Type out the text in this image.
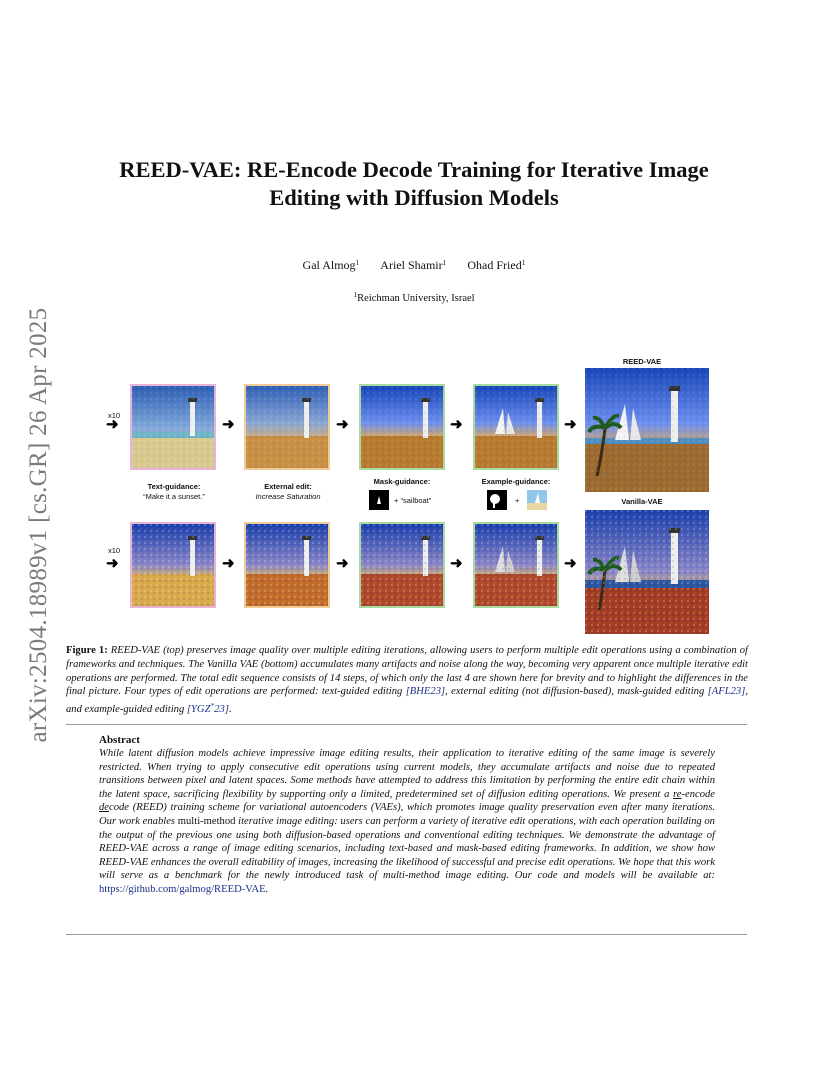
arXiv:2504.18989v1 [cs.GR] 26 Apr 2025
REED-VAE: RE-Encode Decode Training for Iterative Image
Editing with Diffusion Models
Gal Almog$^1$ Ariel Shamir$^1$ Ohad Fried$^1$
$^1$Reichman University, Israel
REED-VAE
Vanilla-VAE
x10
➜	➜	➜	➜	➜
Text-guidance:
“Make it a sunset.”
External edit:
Increase Saturation
Mask-guidance:
+ “sailboat”
Example-guidance:
+
x10
➜	➜	➜	➜	➜
Figure 1: REED-VAE (top) preserves image quality over multiple editing iterations, allowing users to perform multiple edit operations using a combination of frameworks and techniques. The Vanilla VAE (bottom) accumulates many artifacts and noise along the way, becoming very apparent once multiple iterative edit operations are performed. The total edit sequence consists of 14 steps, of which only the last 4 are shown here for brevity and to highlight the differences in the final picture. Four types of edit operations are performed: text-guided editing [BHE23], external editing (not diffusion-based), mask-guided editing [AFL23], and example-guided editing [YGZ*23].
Abstract
While latent diffusion models achieve impressive image editing results, their application to iterative editing of the same image is severely restricted. When trying to apply consecutive edit operations using current models, they accumulate artifacts and noise due to repeated transitions between pixel and latent spaces. Some methods have attempted to address this limitation by performing the entire edit chain within the latent space, sacrificing flexibility by supporting only a limited, predetermined set of diffusion editing operations. We present a re-encode decode (REED) training scheme for variational autoencoders (VAEs), which promotes image quality preservation even after many iterations. Our work enables multi-method iterative image editing: users can perform a variety of iterative edit operations, with each operation building on the output of the previous one using both diffusion-based operations and conventional editing techniques. We demonstrate the advantage of REED-VAE across a range of image editing scenarios, including text-based and mask-based editing frameworks. In addition, we show how REED-VAE enhances the overall editability of images, increasing the likelihood of successful and precise edit operations. We hope that this work will serve as a benchmark for the newly introduced task of multi-method image editing. Our code and models will be available at: https://github.com/galmog/REED-VAE.
